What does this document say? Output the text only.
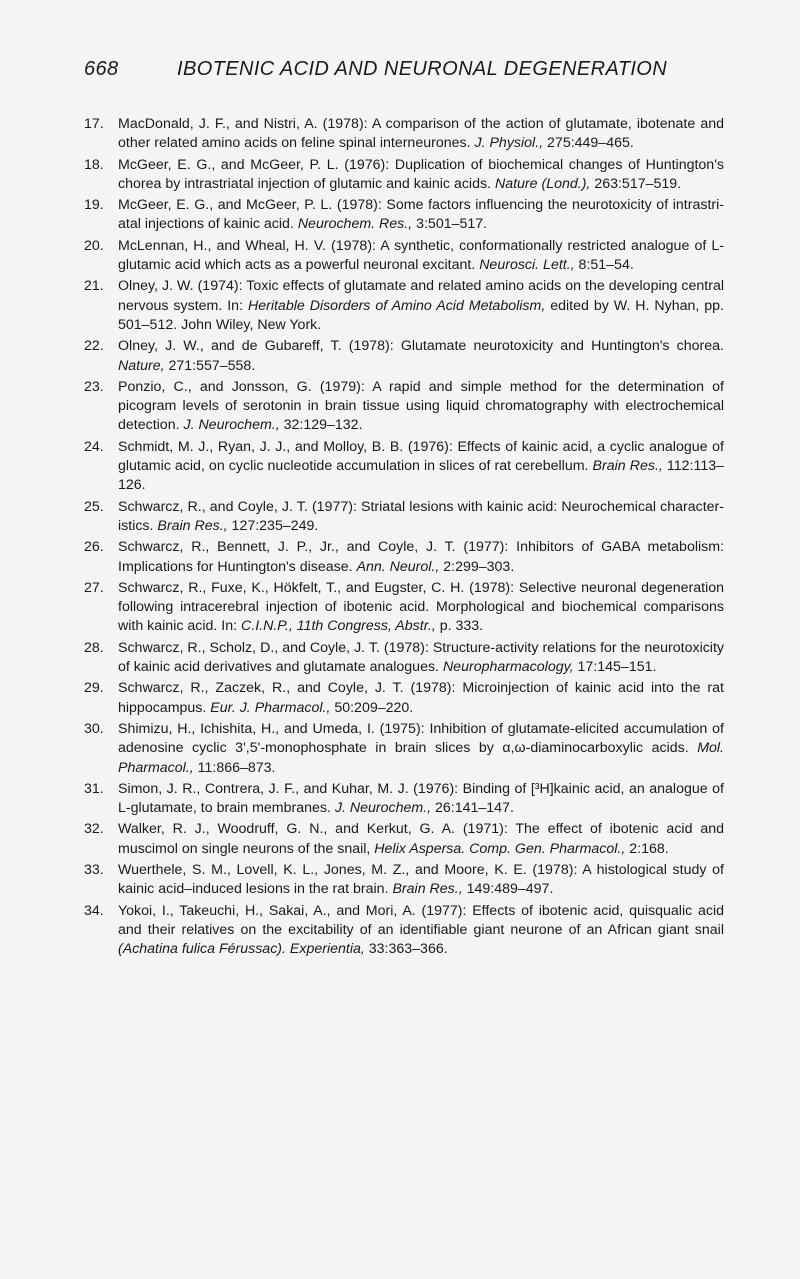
668	IBOTENIC ACID AND NEURONAL DEGENERATION
17. MacDonald, J. F., and Nistri, A. (1978): A comparison of the action of glutamate, ibotenate and other related amino acids on feline spinal interneurones. J. Physiol., 275:449–465.
18. McGeer, E. G., and McGeer, P. L. (1976): Duplication of biochemical changes of Huntington's chorea by intrastriatal injection of glutamic and kainic acids. Nature (Lond.), 263:517–519.
19. McGeer, E. G., and McGeer, P. L. (1978): Some factors influencing the neurotoxicity of intrastriatal injections of kainic acid. Neurochem. Res., 3:501–517.
20. McLennan, H., and Wheal, H. V. (1978): A synthetic, conformationally restricted analogue of L-glutamic acid which acts as a powerful neuronal excitant. Neurosci. Lett., 8:51–54.
21. Olney, J. W. (1974): Toxic effects of glutamate and related amino acids on the developing central nervous system. In: Heritable Disorders of Amino Acid Metabolism, edited by W. H. Nyhan, pp. 501–512. John Wiley, New York.
22. Olney, J. W., and de Gubareff, T. (1978): Glutamate neurotoxicity and Huntington's chorea. Nature, 271:557–558.
23. Ponzio, C., and Jonsson, G. (1979): A rapid and simple method for the determination of picogram levels of serotonin in brain tissue using liquid chromatography with electrochemical detection. J. Neurochem., 32:129–132.
24. Schmidt, M. J., Ryan, J. J., and Molloy, B. B. (1976): Effects of kainic acid, a cyclic analogue of glutamic acid, on cyclic nucleotide accumulation in slices of rat cerebellum. Brain Res., 112:113–126.
25. Schwarcz, R., and Coyle, J. T. (1977): Striatal lesions with kainic acid: Neurochemical characteristics. Brain Res., 127:235–249.
26. Schwarcz, R., Bennett, J. P., Jr., and Coyle, J. T. (1977): Inhibitors of GABA metabolism: Implications for Huntington's disease. Ann. Neurol., 2:299–303.
27. Schwarcz, R., Fuxe, K., Hökfelt, T., and Eugster, C. H. (1978): Selective neuronal degeneration following intracerebral injection of ibotenic acid. Morphological and biochemical comparisons with kainic acid. In: C.I.N.P., 11th Congress, Abstr., p. 333.
28. Schwarcz, R., Scholz, D., and Coyle, J. T. (1978): Structure-activity relations for the neurotoxicity of kainic acid derivatives and glutamate analogues. Neuropharmacology, 17:145–151.
29. Schwarcz, R., Zaczek, R., and Coyle, J. T. (1978): Microinjection of kainic acid into the rat hippocampus. Eur. J. Pharmacol., 50:209–220.
30. Shimizu, H., Ichishita, H., and Umeda, I. (1975): Inhibition of glutamate-elicited accumulation of adenosine cyclic 3',5'-monophosphate in brain slices by α,ω-diaminocarboxylic acids. Mol. Pharmacol., 11:866–873.
31. Simon, J. R., Contrera, J. F., and Kuhar, M. J. (1976): Binding of [³H]kainic acid, an analogue of L-glutamate, to brain membranes. J. Neurochem., 26:141–147.
32. Walker, R. J., Woodruff, G. N., and Kerkut, G. A. (1971): The effect of ibotenic acid and muscimol on single neurons of the snail, Helix Aspersa. Comp. Gen. Pharmacol., 2:168.
33. Wuerthele, S. M., Lovell, K. L., Jones, M. Z., and Moore, K. E. (1978): A histological study of kainic acid–induced lesions in the rat brain. Brain Res., 149:489–497.
34. Yokoi, I., Takeuchi, H., Sakai, A., and Mori, A. (1977): Effects of ibotenic acid, quisqualic acid and their relatives on the excitability of an identifiable giant neurone of an African giant snail (Achatina fulica Férussac). Experientia, 33:363–366.
